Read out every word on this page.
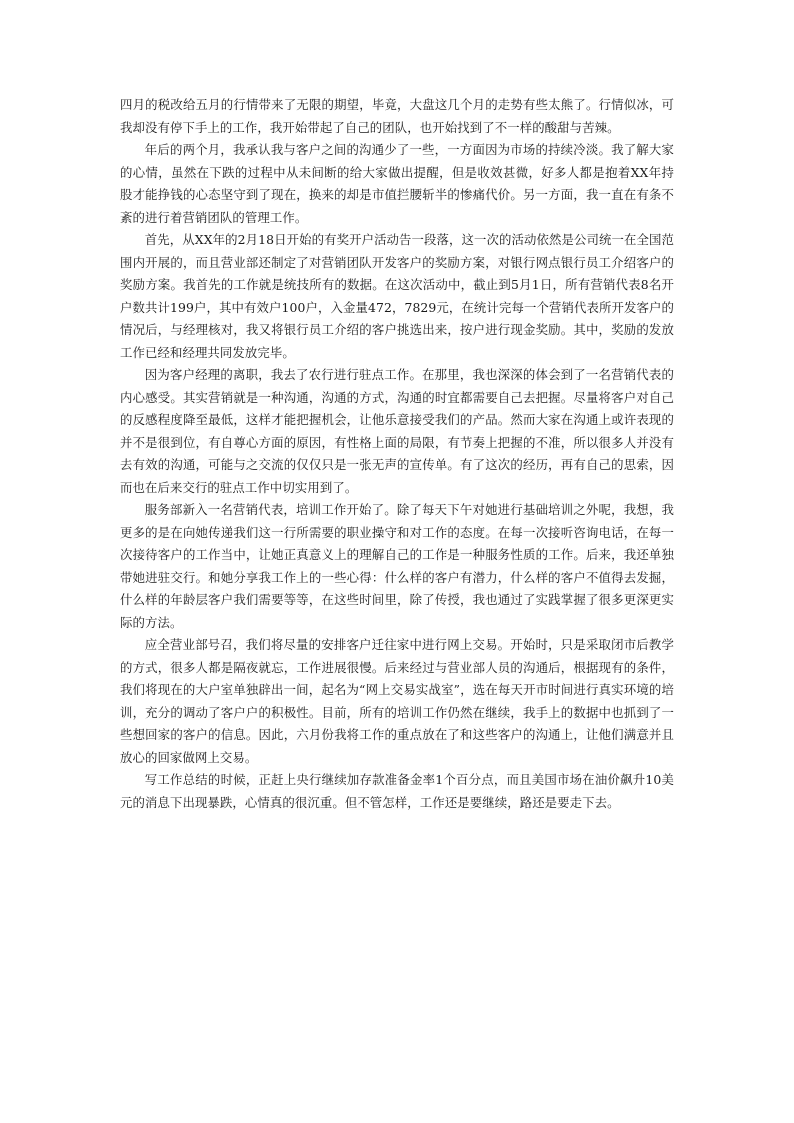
四月的税改给五月的行情带来了无限的期望，毕竟，大盘这几个月的走势有些太熊了。行情似冰，可我却没有停下手上的工作，我开始带起了自己的团队，也开始找到了不一样的酸甜与苦辣。

年后的两个月，我承认我与客户之间的沟通少了一些，一方面因为市场的持续冷淡。我了解大家的心情，虽然在下跌的过程中从未间断的给大家做出提醒，但是收效甚微，好多人都是抱着XX年持股才能挣钱的心态坚守到了现在，换来的却是市值拦腰斩半的惨痛代价。另一方面，我一直在有条不紊的进行着营销团队的管理工作。

首先，从XX年的2月18日开始的有奖开户活动告一段落，这一次的活动依然是公司统一在全国范围内开展的，而且营业部还制定了对营销团队开发客户的奖励方案，对银行网点银行员工介绍客户的奖励方案。我首先的工作就是统技所有的数据。在这次活动中，截止到5月1日，所有营销代表8名开户数共计199户，其中有效户100户，入金量472，7829元，在统计完每一个营销代表所开发客户的情况后，与经理核对，我又将银行员工介绍的客户挑选出来，按户进行现金奖励。其中，奖励的发放工作已经和经理共同发放完毕。

因为客户经理的离职，我去了农行进行驻点工作。在那里，我也深深的体会到了一名营销代表的内心感受。其实营销就是一种沟通，沟通的方式，沟通的时宜都需要自己去把握。尽量将客户对自己的反感程度降至最低，这样才能把握机会，让他乐意接受我们的产品。然而大家在沟通上或许表现的并不是很到位，有自尊心方面的原因，有性格上面的局限，有节奏上把握的不准，所以很多人并没有去有效的沟通，可能与之交流的仅仅只是一张无声的宣传单。有了这次的经历，再有自己的思索，因而也在后来交行的驻点工作中切实用到了。

服务部新入一名营销代表，培训工作开始了。除了每天下午对她进行基础培训之外呢，我想，我更多的是在向她传递我们这一行所需要的职业操守和对工作的态度。在每一次接听咨询电话，在每一次接待客户的工作当中，让她正真意义上的理解自己的工作是一种服务性质的工作。后来，我还单独带她进驻交行。和她分享我工作上的一些心得：什么样的客户有潜力，什么样的客户不值得去发掘，什么样的年龄层客户我们需要等等，在这些时间里，除了传授，我也通过了实践掌握了很多更深更实际的方法。

应全营业部号召，我们将尽量的安排客户迁往家中进行网上交易。开始时，只是采取闭市后教学的方式，很多人都是隔夜就忘，工作进展很慢。后来经过与营业部人员的沟通后，根据现有的条件，我们将现在的大户室单独辟出一间，起名为“网上交易实战室”，选在每天开市时间进行真实环境的培训，充分的调动了客户户的积极性。目前，所有的培训工作仍然在继续，我手上的数据中也抓到了一些想回家的客户的信息。因此，六月份我将工作的重点放在了和这些客户的沟通上，让他们满意并且放心的回家做网上交易。

写工作总结的时候，正赶上央行继续加存款准备金率1个百分点，而且美国市场在油价飙升10美元的消息下出现暴跌，心情真的很沉重。但不管怎样，工作还是要继续，路还是要走下去。
